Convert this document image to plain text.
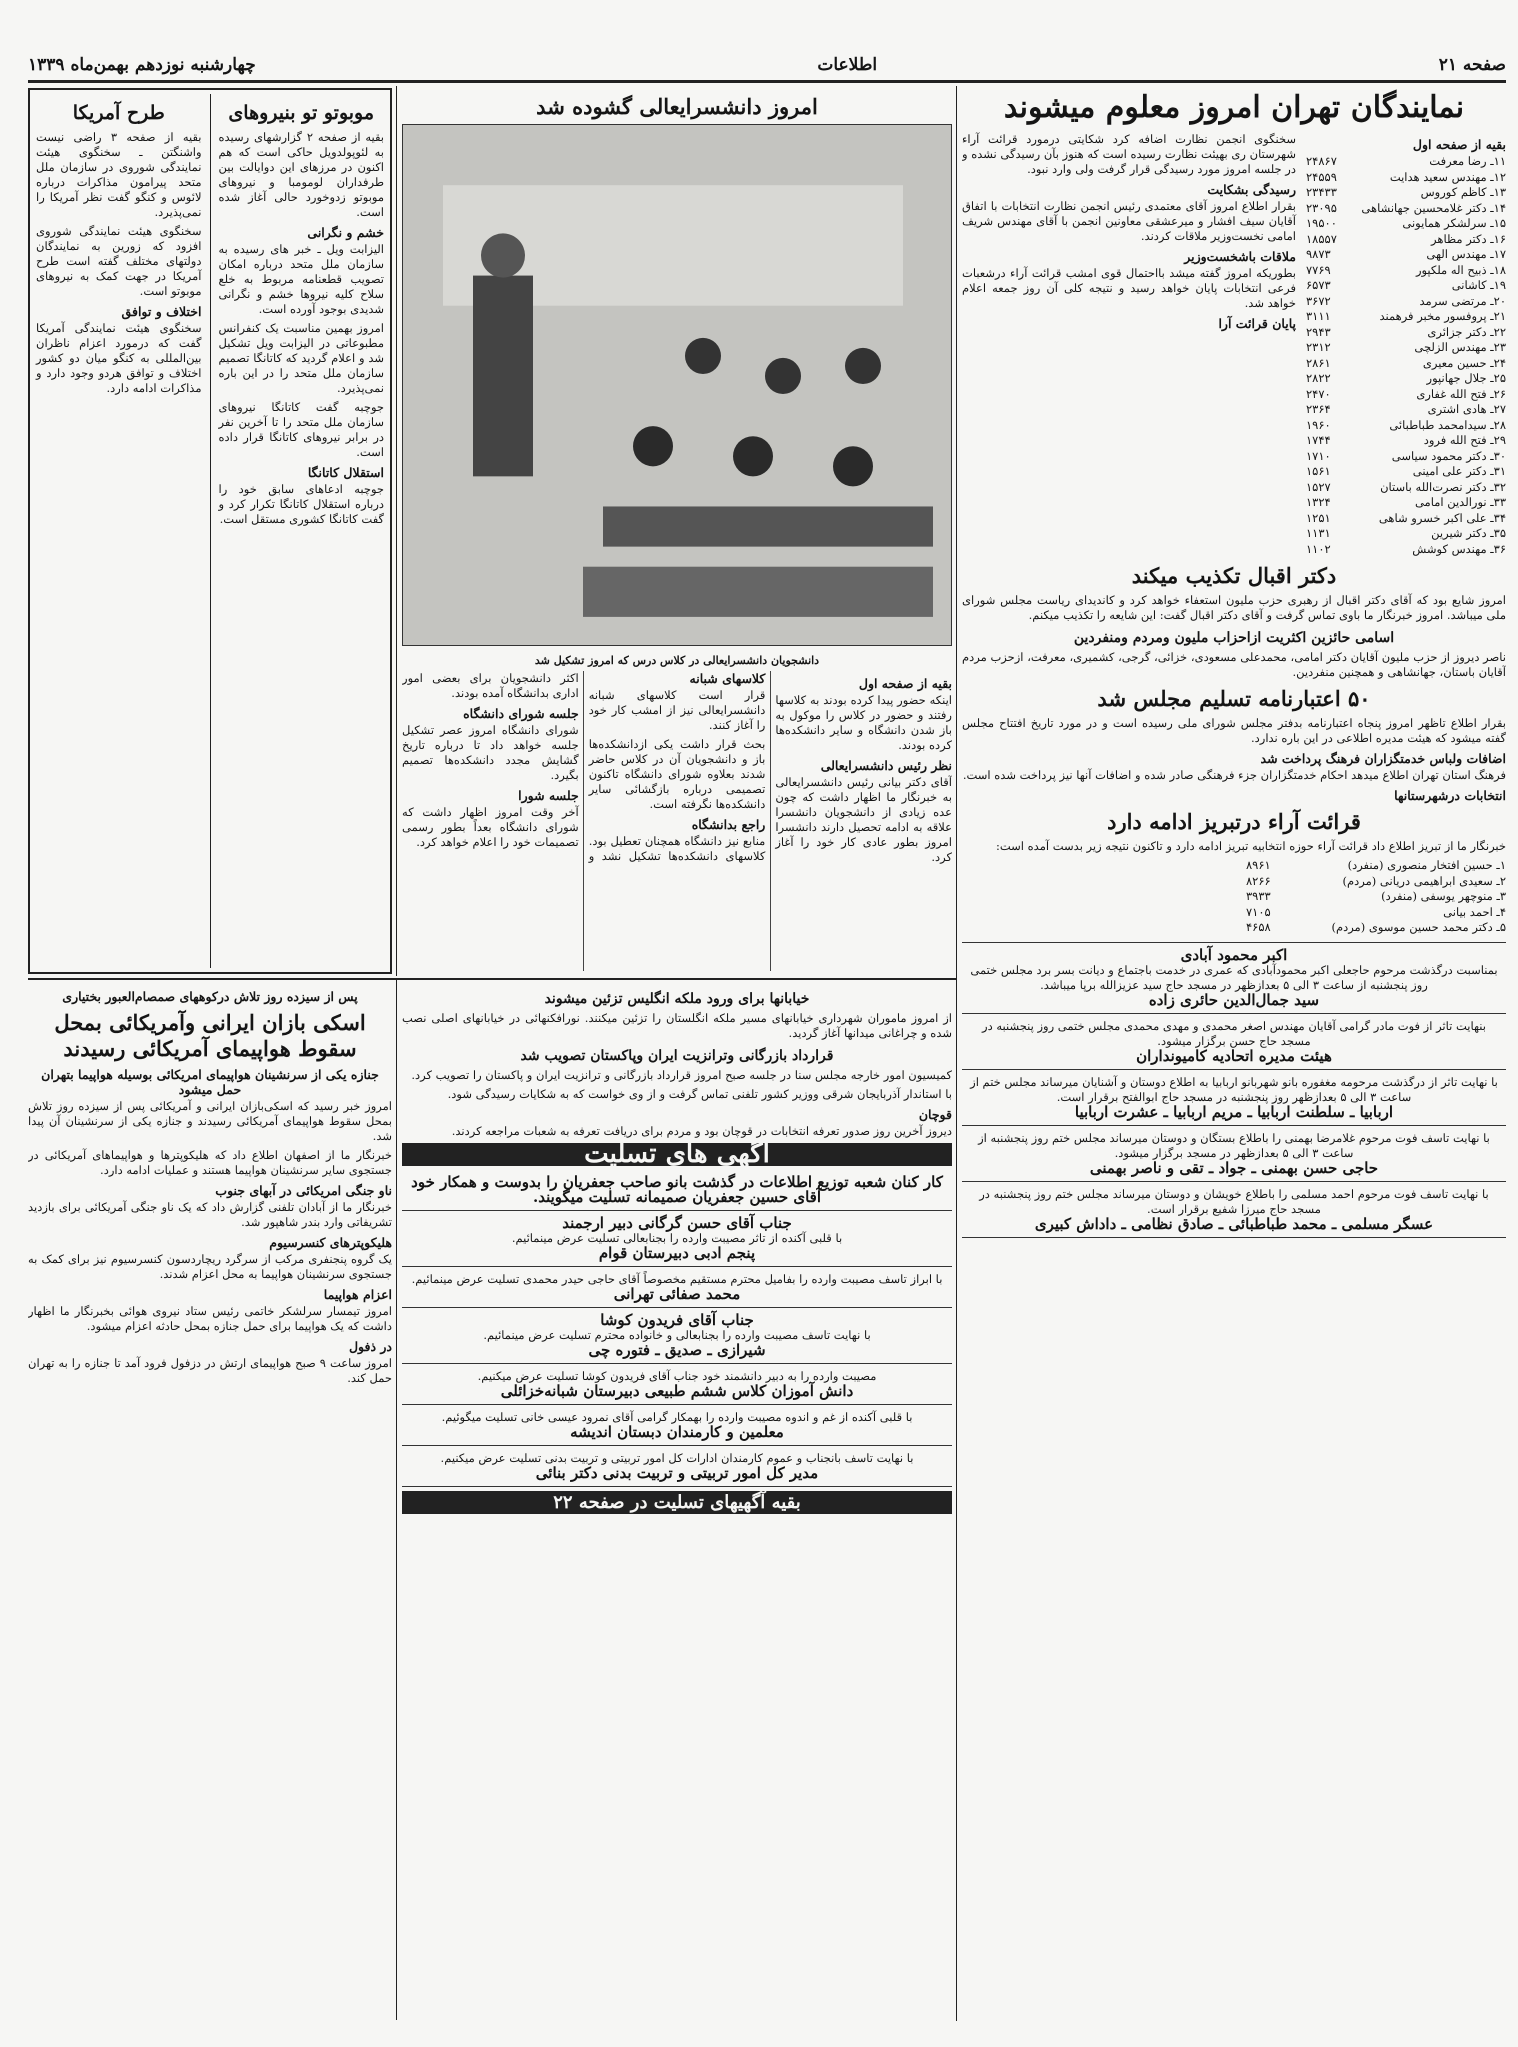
صفحه ۲۱
اطلاعات
چهارشنبه نوزدهم بهمن‌ماه ۱۳۳۹
نمایندگان تهران امروز معلوم میشوند
بقیه از صفحه اول
۱۱ـ رضا معرفت
۲۴۸۶۷
۱۲ـ مهندس سعید هدایت
۲۴۵۵۹
۱۳ـ کاظم کوروس
۲۳۴۳۳
۱۴ـ دکتر غلامحسین جهانشاهی
۲۳۰۹۵
۱۵ـ سرلشکر همایونی
۱۹۵۰۰
۱۶ـ دکتر مظاهر
۱۸۵۵۷
۱۷ـ مهندس الهی
۹۸۷۳
۱۸ـ ذبیح اله ملکپور
۷۷۶۹
۱۹ـ کاشانی
۶۵۷۳
۲۰ـ مرتضی سرمد
۳۶۷۲
۲۱ـ پروفسور مخبر فرهمند
۳۱۱۱
۲۲ـ دکتر جزائری
۲۹۴۳
۲۳ـ مهندس الزلچی
۲۳۱۲
۲۴ـ حسین معیری
۲۸۶۱
۲۵ـ جلال جهانپور
۲۸۲۲
۲۶ـ فتح الله غفاری
۲۴۷۰
۲۷ـ هادی اشتری
۲۳۶۴
۲۸ـ سیدامحمد طباطبائی
۱۹۶۰
۲۹ـ فتح الله فرود
۱۷۴۴
۳۰ـ دکتر محمود سیاسی
۱۷۱۰
۳۱ـ دکتر علی امینی
۱۵۶۱
۳۲ـ دکتر نصرت‌الله باستان
۱۵۲۷
۳۳ـ نورالدین امامی
۱۳۲۴
۳۴ـ علی اکبر خسرو شاهی
۱۲۵۱
۳۵ـ دکتر شیرین
۱۱۳۱
۳۶ـ مهندس کوشش
۱۱۰۲

سخنگوی انجمن نظارت اضافه کرد شکایتی درمورد قرائت آراء شهرستان ری بهیئت نظارت رسیده است که هنوز بآن رسیدگی نشده و در جلسه امروز مورد رسیدگی قرار گرفت ولی وارد نبود.

رسیدگی بشکایت

بقرار اطلاع امروز آقای معتمدی رئیس انجمن نظارت انتخابات با اتفاق آقایان سیف افشار و میرعشقی معاونین انجمن با آقای مهندس شریف امامی نخست‌وزیر ملاقات کردند.

ملاقات باشخست‌وزیر

بطوریکه امروز گفته میشد بااحتمال قوی امشب قرائت آراء درشعبات فرعی انتخابات پایان خواهد رسید و نتیجه کلی آن روز جمعه اعلام خواهد شد.

پایان قرائت آرا
دکتر اقبال تکذیب میکند

امروز شایع بود که آقای دکتر اقبال از رهبری حزب ملیون استعفاء خواهد کرد و کاندیدای ریاست مجلس شورای ملی میباشد. امروز خبرنگار ما باوی تماس گرفت و آقای دکتر اقبال گفت: این شایعه را تکذیب میکنم.

اسامی حائزین اکثریت ازاحزاب ملیون ومردم ومنفردین

ناصر دیروز از حزب ملیون آقایان دکتر امامی، محمدعلی مسعودی، خزائی، گرجی، کشمیری، معرفت، ازحزب مردم آقایان باستان، جهانشاهی و همچنین منفردین.

۵۰ اعتبارنامه تسلیم مجلس شد

بقرار اطلاع تاظهر امروز پنجاه اعتبارنامه بدفتر مجلس شورای ملی رسیده است و در مورد تاریخ افتتاح مجلس گفته میشود که هیئت مدیره اطلاعی در این باره ندارد.

اضافات ولباس خدمتگزاران فرهنگ پرداخت شد

فرهنگ استان تهران اطلاع میدهد احکام خدمتگزاران جزء فرهنگی صادر شده و اضافات آنها نیز پرداخت شده است.

انتخابات درشهرستانها
قرائت آراء درتبریز ادامه دارد

خبرنگار ما از تبریز اطلاع داد قرائت آراء حوزه انتخابیه تبریز ادامه دارد و تاکنون نتیجه زیر بدست آمده است:

۱ـ حسین افتخار منصوری (منفرد)
۸۹۶۱
۲ـ سعیدی ابراهیمی دریانی (مردم)
۸۲۶۶
۳ـ منوچهر یوسفی (منفرد)
۳۹۳۳
۴ـ احمد بیانی
۷۱۰۵
۵ـ دکتر محمد حسین موسوی (مردم)
۴۶۵۸
اکبر محمود آبادی
بمناسبت درگذشت مرحوم حاجعلی اکبر محمودآبادی که عمری در خدمت باجتماع و دیانت بسر برد مجلس ختمی روز پنجشنبه از ساعت ۳ الی ۵ بعدازظهر در مسجد حاج سید عزیزالله برپا میباشد.
سید جمال‌الدین حائری زاده
بنهایت تاثر از فوت مادر گرامی آقایان مهندس اصغر محمدی و مهدی محمدی مجلس ختمی روز پنجشنبه در مسجد حاج حسن برگزار میشود.
هیئت مدیره اتحادیه کامیونداران
با نهایت تاثر از درگذشت مرحومه مغفوره بانو شهربانو اربابیا به اطلاع دوستان و آشنایان میرساند مجلس ختم از ساعت ۳ الی ۵ بعدازظهر روز پنجشنبه در مسجد حاج ابوالفتح برقرار است.
اربابیا ـ سلطنت اربابیا ـ مریم اربابیا ـ عشرت اربابیا
با نهایت تاسف فوت مرحوم غلامرضا بهمنی را باطلاع بستگان و دوستان میرساند مجلس ختم روز پنجشنبه از ساعت ۳ الی ۵ بعدازظهر در مسجد برگزار میشود.
حاجی حسن بهمنی ـ جواد ـ تقی و ناصر بهمنی
با نهایت تاسف فوت مرحوم احمد مسلمی را باطلاع خویشان و دوستان میرساند مجلس ختم روز پنجشنبه در مسجد حاج میرزا شفیع برقرار است.
عسگر مسلمی ـ محمد طباطبائی ـ صادق نظامی ـ داداش کبیری
امروز دانشسرایعالی گشوده شد
دانشجویان دانشسرایعالی در کلاس درس که امروز تشکیل شد
بقیه از صفحه اول

اینکه حضور پیدا کرده بودند به کلاسها رفتند و حضور در کلاس را موکول به باز شدن دانشگاه و سایر دانشکده‌ها کرده بودند.

نظر رئیس دانشسرایعالی

آقای دکتر بیانی رئیس دانشسرایعالی به خبرنگار ما اظهار داشت که چون عده زیادی از دانشجویان دانشسرا علاقه به ادامه تحصیل دارند دانشسرا امروز بطور عادی کار خود را آغاز کرد.

کلاسهای شبانه

قرار است کلاسهای شبانه دانشسرایعالی نیز از امشب کار خود را آغاز کنند.

بحث قرار داشت یکی ازدانشکده‌ها باز و دانشجویان آن در کلاس حاضر شدند بعلاوه شورای دانشگاه تاکنون تصمیمی درباره بازگشائی سایر دانشکده‌ها نگرفته است.

راجع بدانشگاه

منابع نیز دانشگاه همچنان تعطیل بود. کلاسهای دانشکده‌ها تشکیل نشد و اکثر دانشجویان برای بعضی امور اداری بدانشگاه آمده بودند.

جلسه شورای دانشگاه

شورای دانشگاه امروز عصر تشکیل جلسه خواهد داد تا درباره تاریخ گشایش مجدد دانشکده‌ها تصمیم بگیرد.

جلسه شورا

آخر وقت امروز اظهار داشت که شورای دانشگاه بعداً بطور رسمی تصمیمات خود را اعلام خواهد کرد.

خیابانها برای ورود ملکه انگلیس تزئین میشوند

از امروز ماموران شهرداری خیابانهای مسیر ملکه انگلستان را تزئین میکنند. نورافکنهائی در خیابانهای اصلی نصب شده و چراغانی میدانها آغاز گردید.

قرارداد بازرگانی وترانزیت ایران وپاکستان تصویب شد

کمیسیون امور خارجه مجلس سنا در جلسه صبح امروز قرارداد بازرگانی و ترانزیت ایران و پاکستان را تصویب کرد.

با استاندار آذربایجان شرقی ووزیر کشور تلفنی تماس گرفت و از وی خواست که به شکایات رسیدگی شود.

قوچان

دیروز آخرین روز صدور تعرفه انتخابات در قوچان بود و مردم برای دریافت تعرفه به شعبات مراجعه کردند.

آگهی های تسلیت
کار کنان شعبه توزیع اطلاعات در گذشت بانو صاحب جعفریان را بدوست و همکار خود آقای حسین جعفریان صمیمانه تسلیت میگویند.
جناب آقای حسن گرگانی دبیر ارجمند
با قلبی آکنده از تاثر مصیبت وارده را بجنابعالی تسلیت عرض مینمائیم.
پنجم ادبی دبیرستان قوام
با ابراز تاسف مصیبت وارده را بفامیل محترم مستقیم مخصوصاً آقای حاجی حیدر محمدی تسلیت عرض مینمائیم.
محمد صفائی تهرانی
جناب آقای فریدون کوشا
با نهایت تاسف مصیبت وارده را بجنابعالی و خانواده محترم تسلیت عرض مینمائیم.
شیرازی ـ صدیق ـ فتوره چی
مصیبت وارده را به دبیر دانشمند خود جناب آقای فریدون کوشا تسلیت عرض میکنیم.
دانش آموزان کلاس ششم طبیعی دبیرستان شبانه‌خزائلی
با قلبی آکنده از غم و اندوه مصیبت وارده را بهمکار گرامی آقای نمرود عیسی خانی تسلیت میگوئیم.
معلمین و کارمندان دبستان اندیشه
با نهایت تاسف بانجناب و عموم کارمندان ادارات کل امور تربیتی و تربیت بدنی تسلیت عرض میکنیم.
مدیر کل امور تربیتی و تربیت بدنی دکتر بنائی
بقیه آگهیهای تسلیت در صفحه ۲۲
موبوتو تو بنیروهای

بقیه از صفحه ۲ گزارشهای رسیده به لئوپولدویل حاکی است که هم اکنون در مرزهای این دوایالت بین طرفداران لومومبا و نیروهای موبوتو زدوخورد حالی آغاز شده است.

خشم و نگرانی

الیزابت ویل ـ خبر های رسیده به سازمان ملل متحد درباره امکان تصویب قطعنامه مربوط به خلع سلاح کلیه نیروها خشم و نگرانی شدیدی بوجود آورده است.

امروز بهمین مناسبت یک کنفرانس مطبوعاتی در الیزابت ویل تشکیل شد و اعلام گردید که کاتانگا تصمیم سازمان ملل متحد را در این باره نمی‌پذیرد.

جوچبه گفت کاتانگا نیروهای سازمان ملل متحد را تا آخرین نفر در برابر نیروهای کاتانگا قرار داده است.

استقلال کاتانگا

جوچبه ادعاهای سابق خود را درباره استقلال کاتانگا تکرار کرد و گفت کاتانگا کشوری مستقل است.

طرح آمریکا

بقیه از صفحه ۳ راضی نیست واشنگتن ـ سخنگوی هیئت نمایندگی شوروی در سازمان ملل متحد پیرامون مذاکرات درباره لائوس و کنگو گفت نظر آمریکا را نمی‌پذیرد.

سخنگوی هیئت نمایندگی شوروی افزود که زورین به نمایندگان دولتهای مختلف گفته است طرح آمریکا در جهت کمک به نیروهای موبوتو است.

اختلاف و توافق

سخنگوی هیئت نمایندگی آمریکا گفت که درمورد اعزام ناظران بین‌المللی به کنگو میان دو کشور اختلاف و توافق هردو وجود دارد و مذاکرات ادامه دارد.

پس از سیزده روز تلاش درکوههای صمصام‌العبور بختیاری
اسکی بازان ایرانی وآمریکائی بمحل سقوط هواپیمای آمریکائی رسیدند
جنازه یکی از سرنشینان هواپیمای امریکائی بوسیله هواپیما بتهران حمل میشود

امروز خبر رسید که اسکی‌بازان ایرانی و آمریکائی پس از سیزده روز تلاش بمحل سقوط هواپیمای آمریکائی رسیدند و جنازه یکی از سرنشینان آن پیدا شد.

خبرنگار ما از اصفهان اطلاع داد که هلیکوپترها و هواپیماهای آمریکائی در جستجوی سایر سرنشینان هواپیما هستند و عملیات ادامه دارد.

ناو جنگی امریکائی در آبهای جنوب

خبرنگار ما از آبادان تلفنی گزارش داد که یک ناو جنگی آمریکائی برای بازدید تشریفاتی وارد بندر شاهپور شد.

هلیکوپترهای کنسرسیوم

یک گروه پنجنفری مرکب از سرگرد ریچاردسون کنسرسیوم نیز برای کمک به جستجوی سرنشینان هواپیما به محل اعزام شدند.

اعزام هواپیما

امروز تیمسار سرلشکر خاتمی رئیس ستاد نیروی هوائی بخبرنگار ما اظهار داشت که یک هواپیما برای حمل جنازه بمحل حادثه اعزام میشود.

در ذفول

امروز ساعت ۹ صبح هواپیمای ارتش در دزفول فرود آمد تا جنازه را به تهران حمل کند.
